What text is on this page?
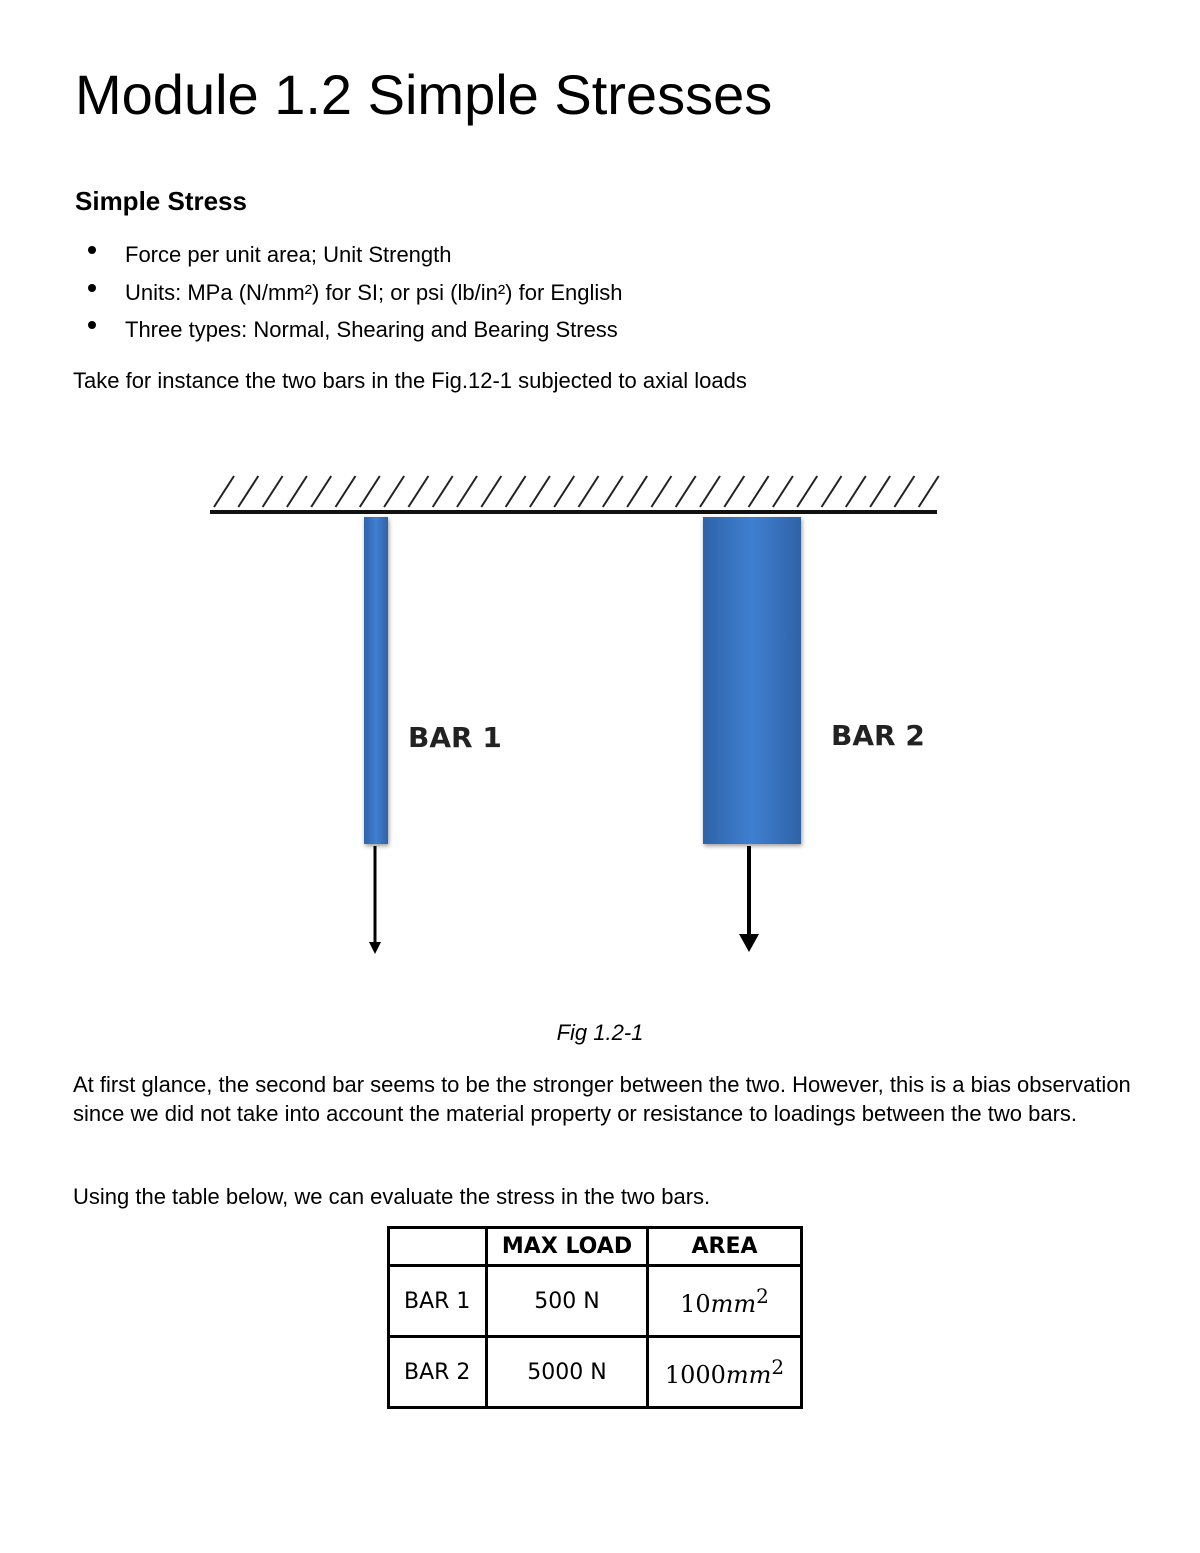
Module 1.2 Simple Stresses
Simple Stress
Force per unit area; Unit Strength
Units: MPa (N/mm²) for SI; or psi (lb/in²) for English
Three types: Normal, Shearing and Bearing Stress

Take for instance the two bars in the Fig.12-1 subjected to axial loads

BAR 1	BAR 2

Fig 1.2-1

At first glance, the second bar seems to be the stronger between the two. However, this is a bias observation since we did not take into account the material property or resistance to loadings between the two bars.

Using the table below, we can evaluate the stress in the two bars.

	MAX LOAD	AREA
BAR 1	500 N	$10mm^2$
BAR 2	5000 N	$1000mm^2$
